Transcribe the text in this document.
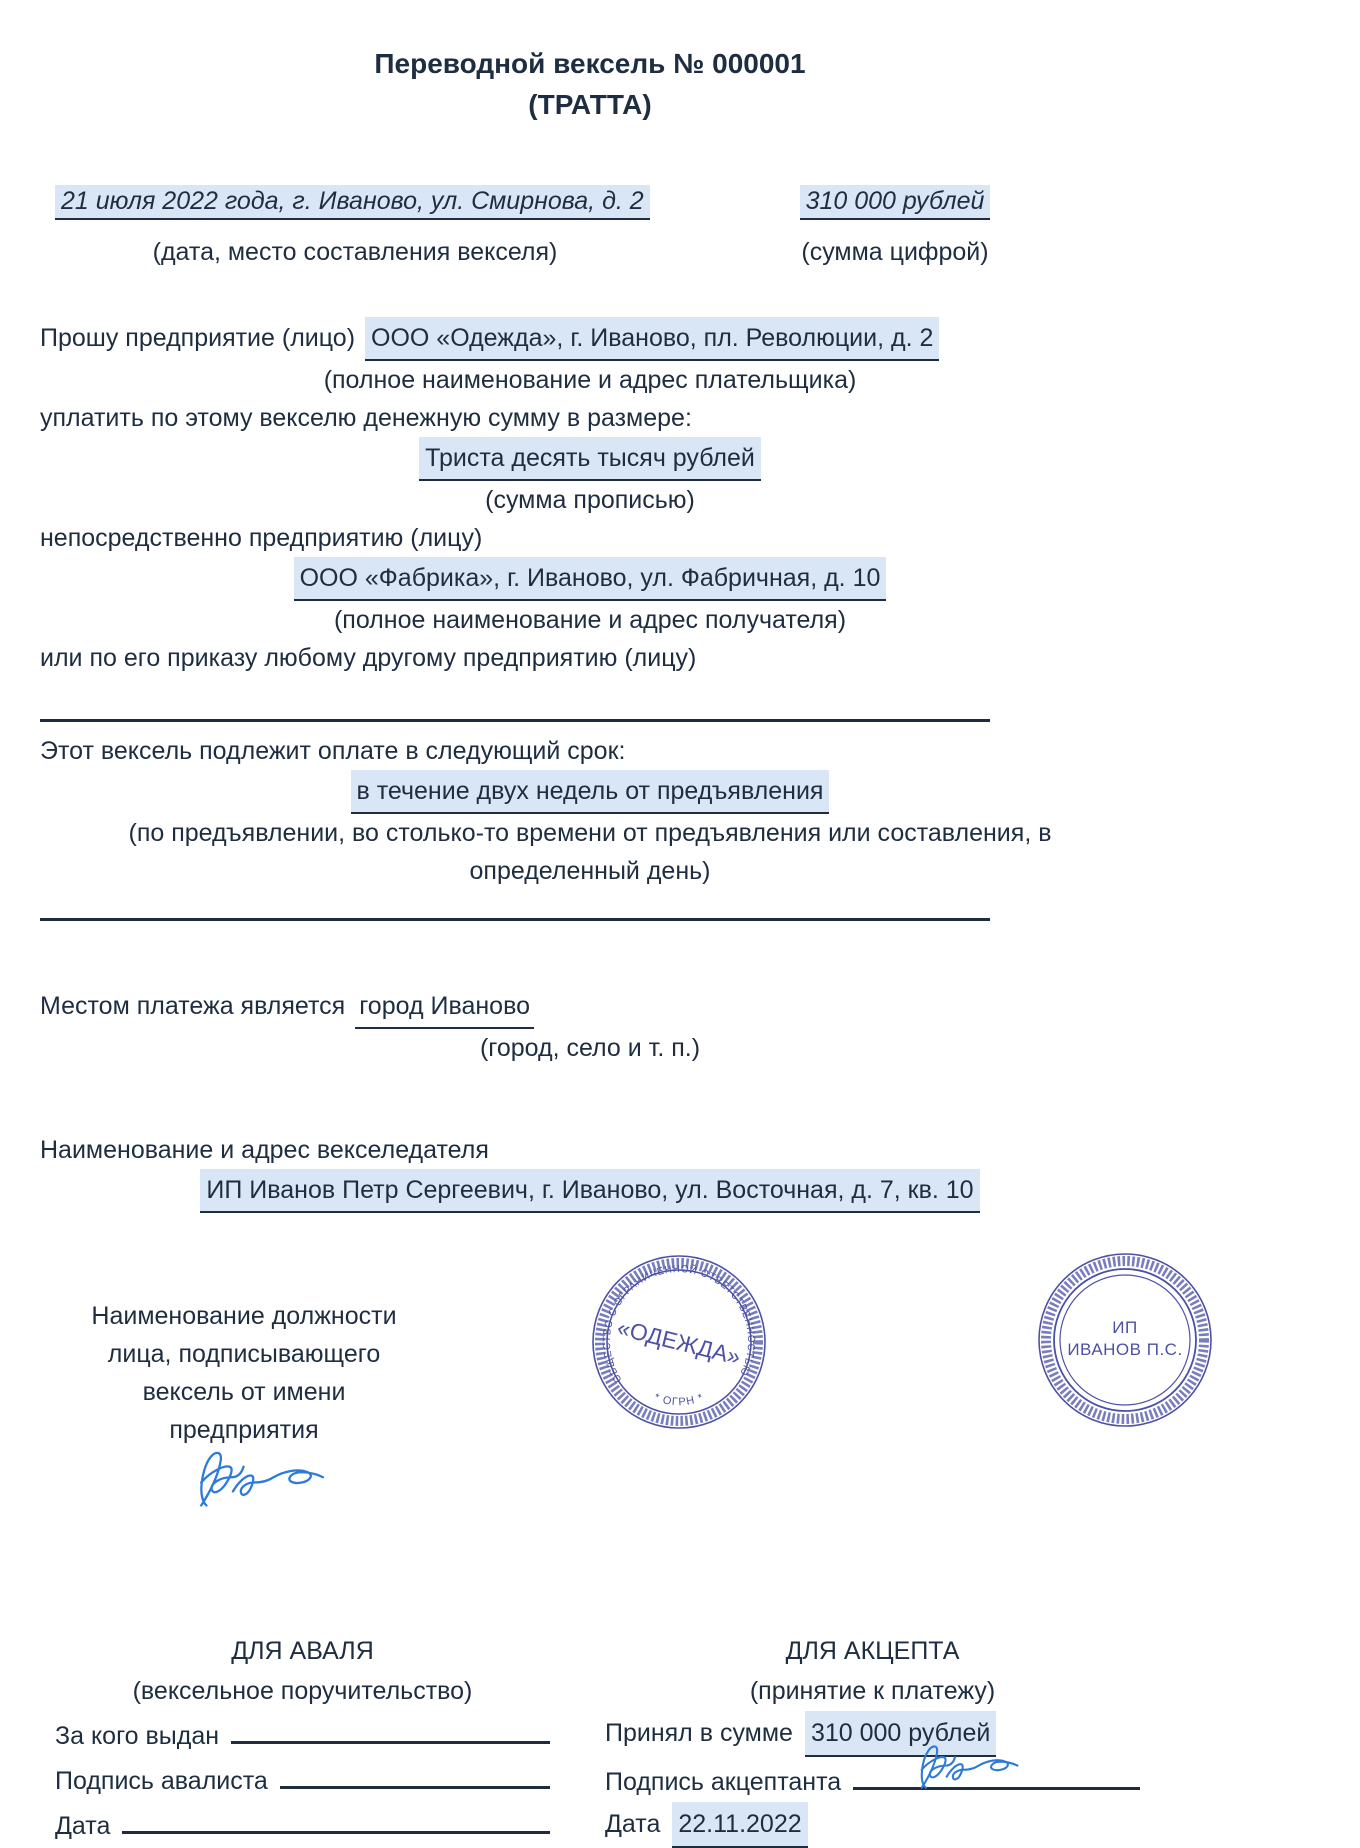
Переводной вексель № 000001
(ТРАТТА)
21 июля 2022 года, г. Иваново, ул. Смирнова, д. 2	310 000 рублей
(дата, место составления векселя)	(сумма цифрой)
Прошу предприятие (лицо) ООО «Одежда», г. Иваново, пл. Революции, д. 2
(полное наименование и адрес плательщика)
уплатить по этому векселю денежную сумму в размере:
Триста десять тысяч рублей
(сумма прописью)
непосредственно предприятию (лицу)
ООО «Фабрика», г. Иваново, ул. Фабричная, д. 10
(полное наименование и адрес получателя)
или по его приказу любому другому предприятию (лицу)
Этот вексель подлежит оплате в следующий срок:
в течение двух недель от предъявления
(по предъявлении, во столько-то времени от предъявления или составления, в определенный день)
Местом платежа является город Иваново
(город, село и т. п.)
Наименование и адрес векселедателя
ИП Иванов Петр Сергеевич, г. Иваново, ул. Восточная, д. 7, кв. 10
Наименование должности лица, подписывающего вексель от имени предприятия
ОБЩЕСТВО С ОГРАНИЧЕННОЙ ОТВЕТСТВЕННОСТЬЮ
* ОГРН *
«ОДЕЖДА»	ИП
ИВАНОВ П.С.
ДЛЯ АВАЛЯ
(вексельное поручительство)
За кого выдан
Подпись авалиста
Дата
ДЛЯ АКЦЕПТА
(принятие к платежу)
Принял в сумме 310 000 рублей
Подпись акцептанта
Дата 22.11.2022
